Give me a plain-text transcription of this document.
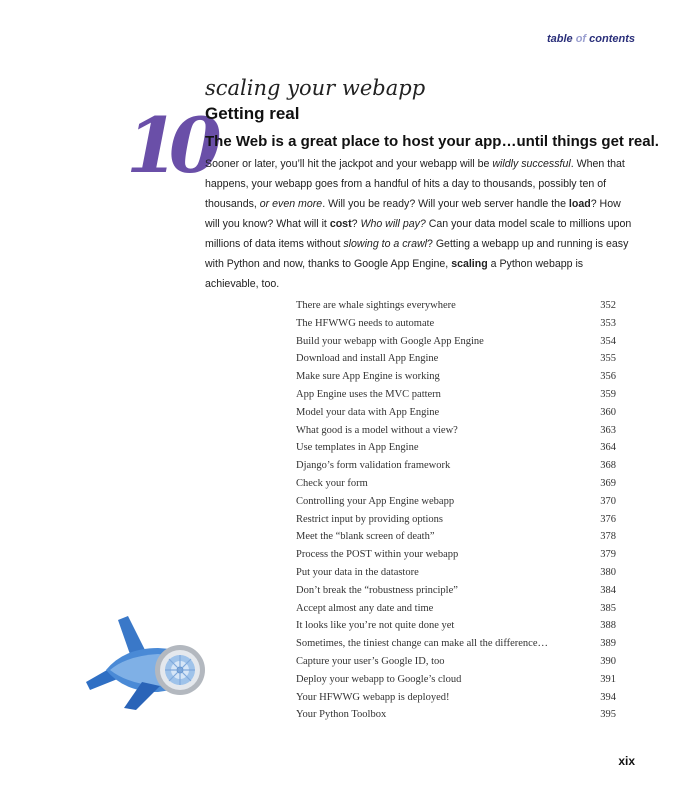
table of contents
10
scaling your webapp
Getting real

The Web is a great place to host your app…until things get real.

Sooner or later, you’ll hit the jackpot and your webapp will be wildly successful. When that happens, your webapp goes from a handful of hits a day to thousands, possibly ten of thousands, or even more. Will you be ready? Will your web server handle the load? How will you know? What will it cost? Who will pay? Can your data model scale to millions upon millions of data items without slowing to a crawl? Getting a webapp up and running is easy with Python and now, thanks to Google App Engine, scaling a Python webapp is achievable, too.

There are whale sightings everywhere	352
The HFWWG needs to automate	353
Build your webapp with Google App Engine	354
Download and install App Engine	355
Make sure App Engine is working	356
App Engine uses the MVC pattern	359
Model your data with App Engine	360
What good is a model without a view?	363
Use templates in App Engine	364
Django’s form validation framework	368
Check your form	369
Controlling your App Engine webapp	370
Restrict input by providing options	376
Meet the “blank screen of death”	378
Process the POST within your webapp	379
Put your data in the datastore	380
Don’t break the “robustness principle”	384
Accept almost any date and time	385
It looks like you’re not quite done yet	388
Sometimes, the tiniest change can make all the difference…	389
Capture your user’s Google ID, too	390
Deploy your webapp to Google’s cloud	391
Your HFWWG webapp is deployed!	394
Your Python Toolbox	395
xix
